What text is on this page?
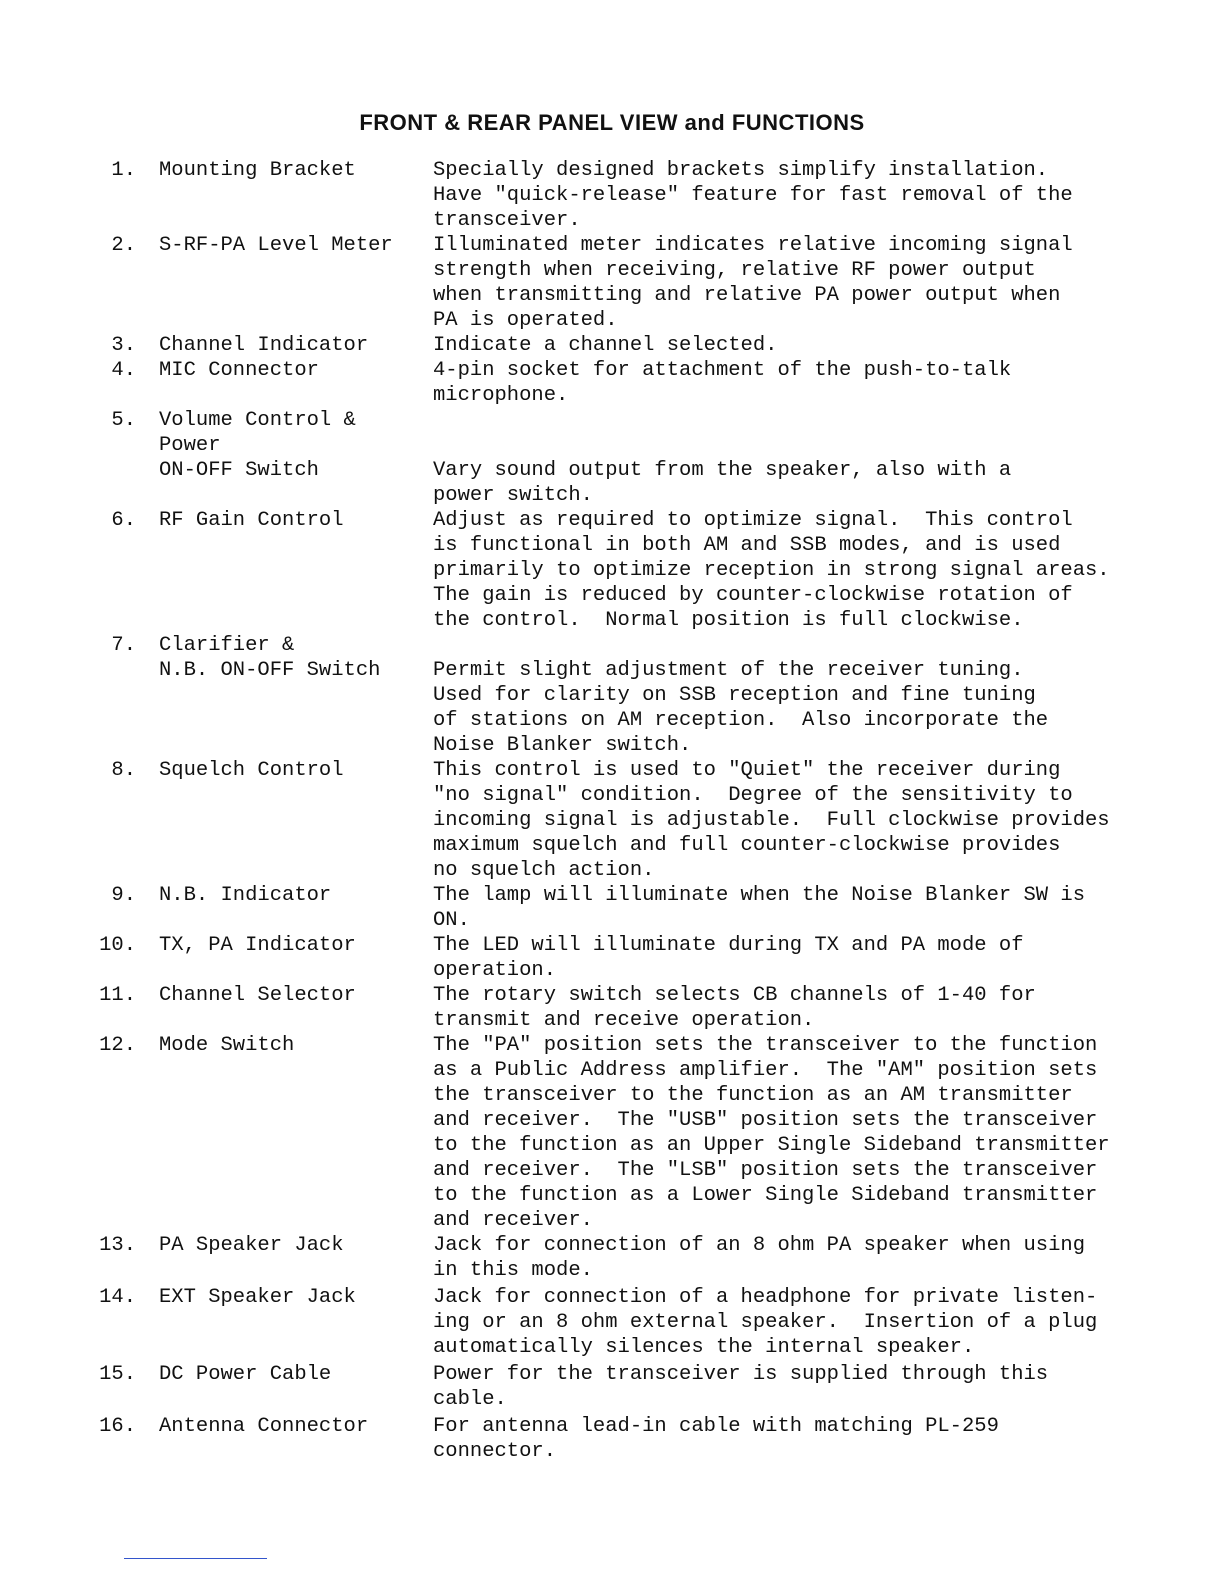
FRONT & REAR PANEL VIEW and FUNCTIONS
1. Mounting Bracket	Specially designed brackets simplify installation.
Have "quick-release" feature for fast removal of the
transceiver.
2. S-RF-PA Level Meter	Illuminated meter indicates relative incoming signal
strength when receiving, relative RF power output
when transmitting and relative PA power output when
PA is operated.
3. Channel Indicator	Indicate a channel selected.
4. MIC Connector	4-pin socket for attachment of the push-to-talk
microphone.
5. Volume Control &
Power
ON-OFF Switch	Vary sound output from the speaker, also with a
power switch.
6. RF Gain Control	Adjust as required to optimize signal.  This control
is functional in both AM and SSB modes, and is used
primarily to optimize reception in strong signal areas.
The gain is reduced by counter-clockwise rotation of
the control.  Normal position is full clockwise.
7. Clarifier &
N.B. ON-OFF Switch	Permit slight adjustment of the receiver tuning.
Used for clarity on SSB reception and fine tuning
of stations on AM reception.  Also incorporate the
Noise Blanker switch.
8. Squelch Control	This control is used to "Quiet" the receiver during
"no signal" condition.  Degree of the sensitivity to
incoming signal is adjustable.  Full clockwise provides
maximum squelch and full counter-clockwise provides
no squelch action.
9. N.B. Indicator	The lamp will illuminate when the Noise Blanker SW is
ON.
10. TX, PA Indicator	The LED will illuminate during TX and PA mode of
operation.
11. Channel Selector	The rotary switch selects CB channels of 1-40 for
transmit and receive operation.
12. Mode Switch	The "PA" position sets the transceiver to the function
as a Public Address amplifier.  The "AM" position sets
the transceiver to the function as an AM transmitter
and receiver.  The "USB" position sets the transceiver
to the function as an Upper Single Sideband transmitter
and receiver.  The "LSB" position sets the transceiver
to the function as a Lower Single Sideband transmitter
and receiver.
13. PA Speaker Jack	Jack for connection of an 8 ohm PA speaker when using
in this mode.
14. EXT Speaker Jack	Jack for connection of a headphone for private listen-
ing or an 8 ohm external speaker.  Insertion of a plug
automatically silences the internal speaker.
15. DC Power Cable	Power for the transceiver is supplied through this
cable.
16. Antenna Connector	For antenna lead-in cable with matching PL-259
connector.
